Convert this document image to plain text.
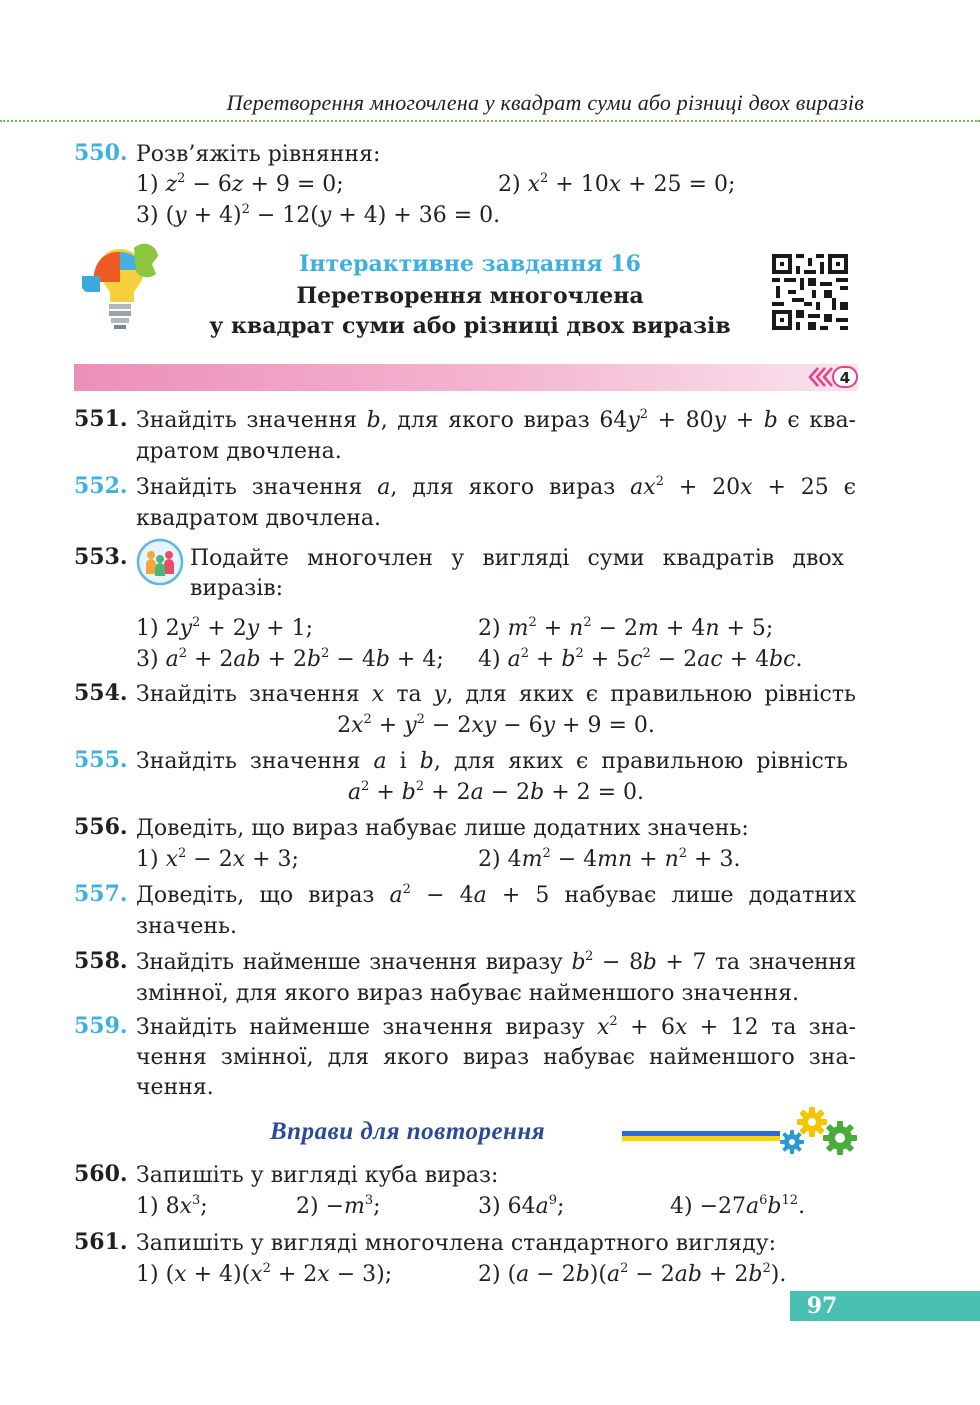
Перетворення многочлена у квадрат суми або різниці двох виразів
550. Розв’яжіть рівняння:
1) $z^2 - 6z + 9 = 0$;	2) $x^2 + 10x + 25 = 0$;
3) $(y + 4)^2 - 12(y + 4) + 36 = 0$.
Інтерактивне завдання 16
Перетворення многочлена
у квадрат суми або різниці двох виразів
4
551. Знайдіть значення b, для якого вираз $64y^2 + 80y + b$ є ква-
дратом двочлена.
552. Знайдіть значення a, для якого вираз $ax^2 + 20x + 25$ є
квадратом двочлена.
553.	Подайте многочлен у вигляді суми квадратів двох
виразів:
1) $2y^2 + 2y + 1$;	2) $m^2 + n^2 - 2m + 4n + 5$;
3) $a^2 + 2ab + 2b^2 - 4b + 4$; 4) $a^2 + b^2 + 5c^2 - 2ac + 4bc$.
554. Знайдіть значення x та y, для яких є правильною рівність
$2x^2 + y^2 - 2xy - 6y + 9 = 0$.
555. Знайдіть значення a і b, для яких є правильною рівність
$a^2 + b^2 + 2a - 2b + 2 = 0$.
556. Доведіть, що вираз набуває лише додатних значень:
1) $x^2 - 2x + 3$;	2) $4m^2 - 4mn + n^2 + 3$.
557. Доведіть, що вираз $a^2 - 4a + 5$ набуває лише додатних
значень.
558. Знайдіть найменше значення виразу $b^2 - 8b + 7$ та значення
змінної, для якого вираз набуває найменшого значення.
559. Знайдіть найменше значення виразу $x^2 + 6x + 12$ та зна-
чення змінної, для якого вираз набуває найменшого зна-
чення.
Вправи для повторення
560. Запишіть у вигляді куба вираз:
1) $8x^3$;	$2) -m^3$;	3) $64a^9$;	$4) -27a^6b^{12}$.
561. Запишіть у вигляді многочлена стандартного вигляду:
1) $(x + 4)(x^2 + 2x - 3)$;	2) $(a - 2b)(a^2 - 2ab + 2b^2)$.
97
